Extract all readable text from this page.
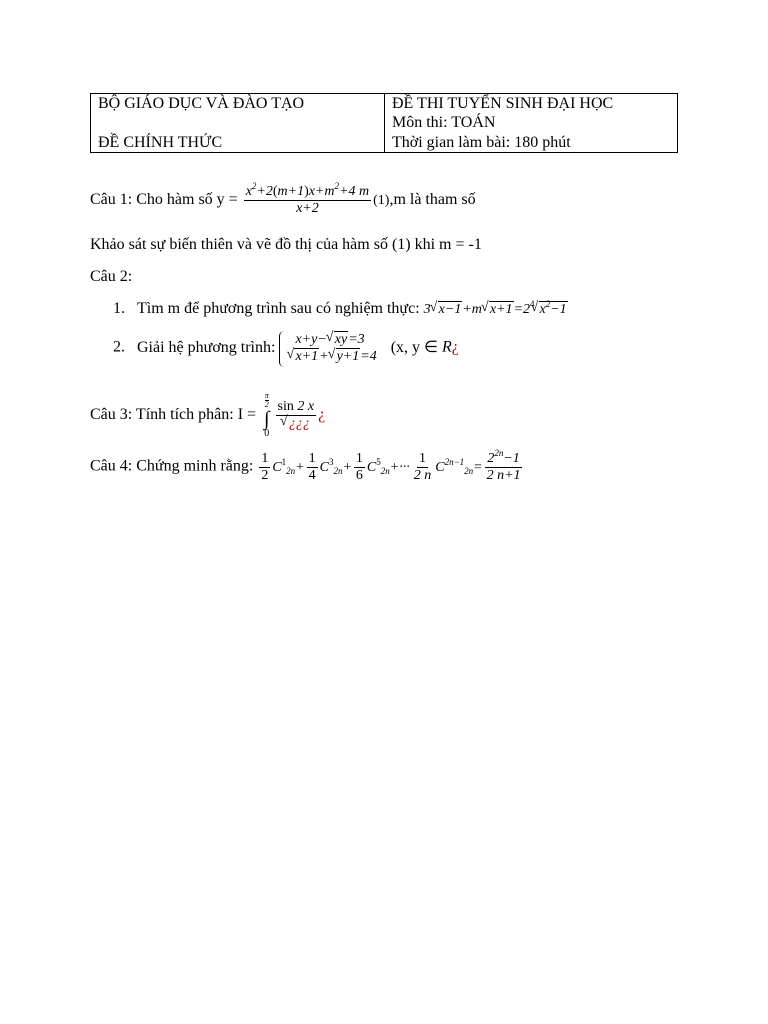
BỘ GIÁO DỤC VÀ ĐÀO TẠO
ĐỀ CHÍNH THỨC
ĐỀ THI TUYỂN SINH ĐẠI HỌC
Môn thi: TOÁN
Thời gian làm bài: 180 phút
Câu 1: Cho hàm số $y = \frac{x^2+2(m+1)x+m^2+4 m}{x+2} (1),m$ là tham số
Khảo sát sự biến thiên và vẽ đồ thị của hàm số (1) khi m = -1
Câu 2:
1. Tìm m để phương trình sau có nghiệm thực: 3√ x−1+m√ $x+1=2^4√$ $x^2-1$
2. Giải hệ phương trình:	x+y−√ xy=3
√ x+1+√ y+1=4
(x, y ∈ R¿
Câu 3: Tính tích phân: I =
$\frac{\pi}{2}$
∫
0
sin 2 x
√ ¿¿¿ ¿
Câu 4: Chứng minh rằng: $\frac{1}{2} C^1_{2n}+ \frac{1}{4} C^3_{2n}+ \frac{1}{6} C^5_{2n}+\cdot\cdot\cdot \frac{1}{2 n} C^{2n-1}_{2n}= \frac{2^{2n}-1}{2 n+1}$
